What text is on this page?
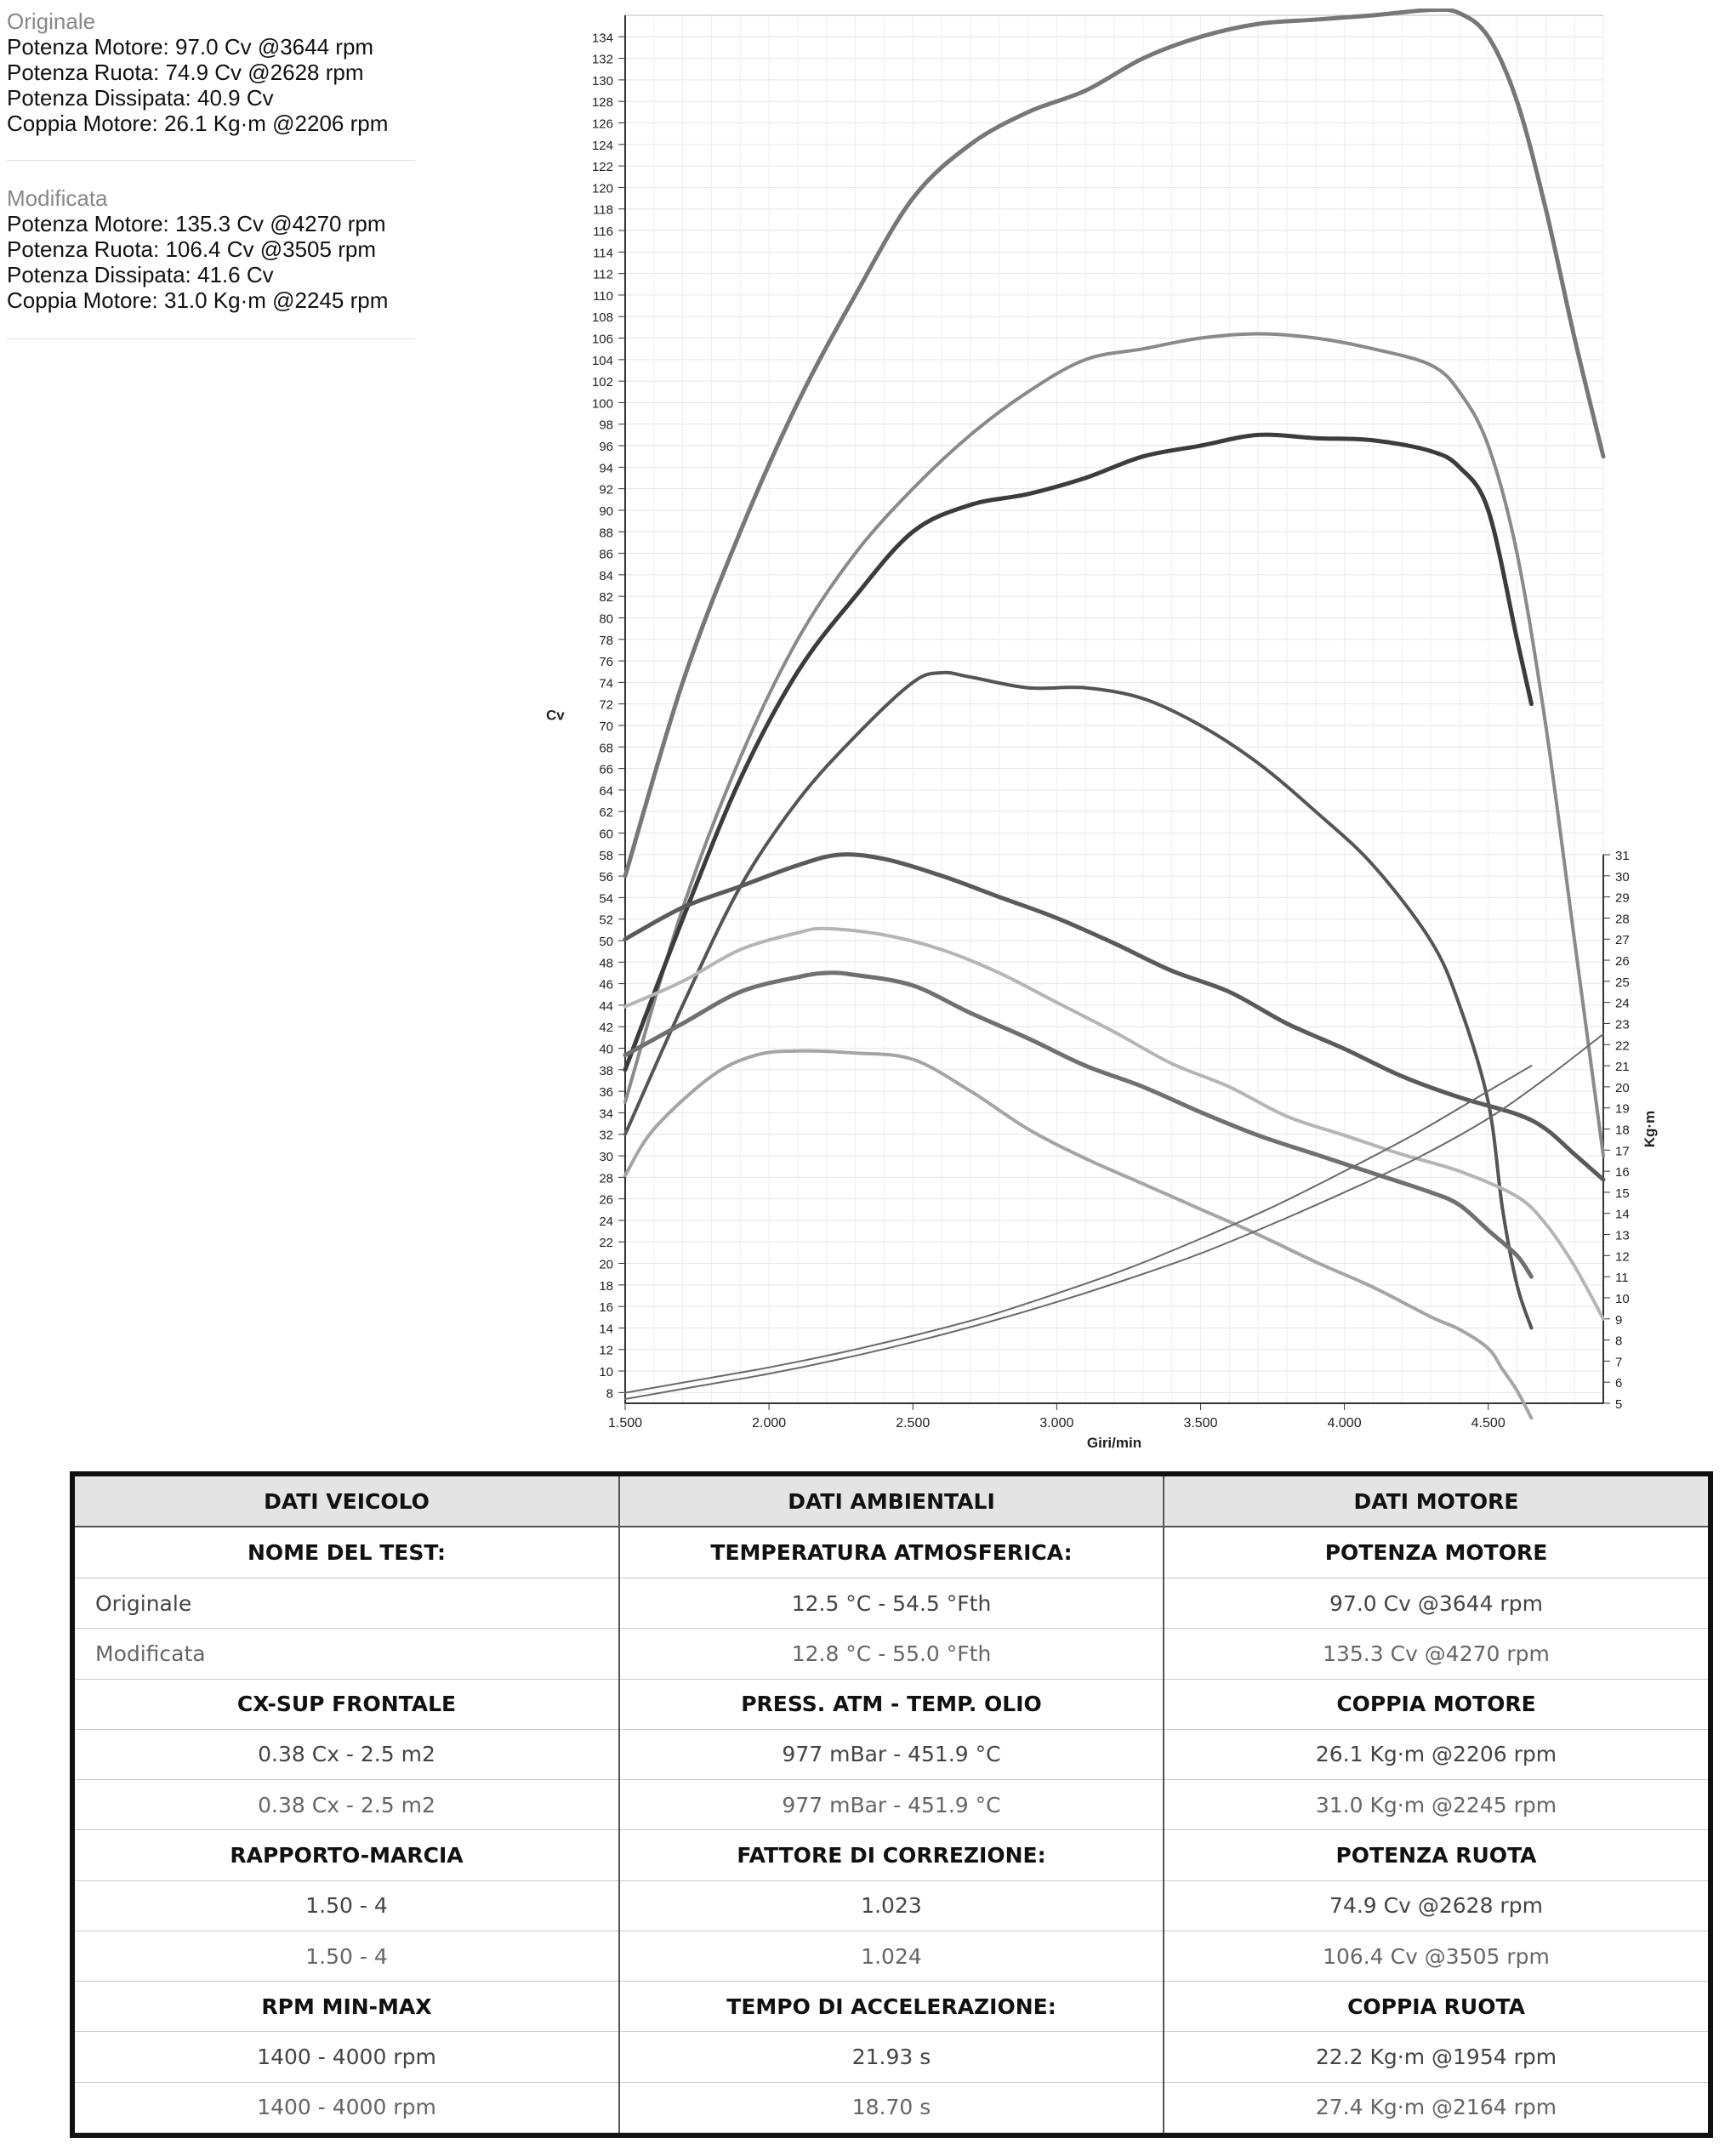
Originale
Potenza Motore: 97.0 Cv @3644 rpm
Potenza Ruota: 74.9 Cv @2628 rpm
Potenza Dissipata: 40.9 Cv
Coppia Motore: 26.1 Kg·m @2206 rpm
Modificata
Potenza Motore: 135.3 Cv @4270 rpm
Potenza Ruota: 106.4 Cv @3505 rpm
Potenza Dissipata: 41.6 Cv
Coppia Motore: 31.0 Kg·m @2245 rpm
8
10
12
14
16
18
20
22
24
26
28
30
32
34
36
38
40
42
44
46
48
50
52
54
56
58
60
62
64
66
68
70
72
74
76
78
80
82
84
86
88
90
92
94
96
98
100
102
104
106
108
110
112
114
116
118
120
122
124
126
128
130
132
134
5
6
7
8
9
10
11
12
13
14
15
16
17
18
19
20
21
22
23
24
25
26
27
28
29
30
31
1.500	2.000	2.500	3.000	3.500	4.000	4.500
Giri/min
Cv
Kg·m
DATI VEICOLO	DATI AMBIENTALI	DATI MOTORE
NOME DEL TEST:	TEMPERATURA ATMOSFERICA:	POTENZA MOTORE
Originale	12.5 °C - 54.5 °Fth	97.0 Cv @3644 rpm
Modificata	12.8 °C - 55.0 °Fth	135.3 Cv @4270 rpm
CX-SUP FRONTALE	PRESS. ATM - TEMP. OLIO	COPPIA MOTORE
0.38 Cx - 2.5 m2	977 mBar - 451.9 °C	26.1 Kg·m @2206 rpm
0.38 Cx - 2.5 m2	977 mBar - 451.9 °C	31.0 Kg·m @2245 rpm
RAPPORTO-MARCIA	FATTORE DI CORREZIONE:	POTENZA RUOTA
1.50 - 4	1.023	74.9 Cv @2628 rpm
1.50 - 4	1.024	106.4 Cv @3505 rpm
RPM MIN-MAX	TEMPO DI ACCELERAZIONE:	COPPIA RUOTA
1400 - 4000 rpm	21.93 s	22.2 Kg·m @1954 rpm
1400 - 4000 rpm	18.70 s	27.4 Kg·m @2164 rpm
